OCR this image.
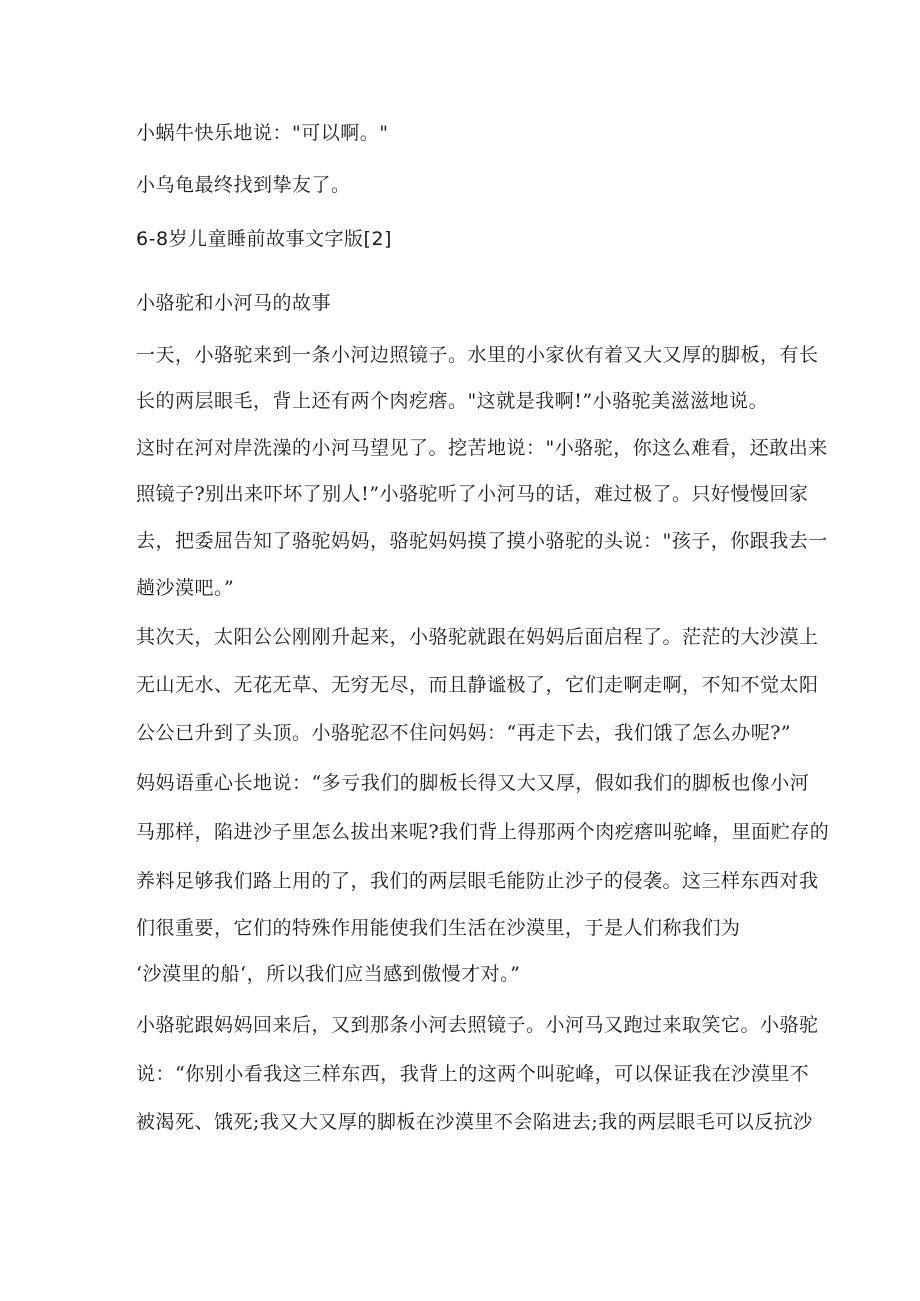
小蜗牛快乐地说："可以啊。"
小乌龟最终找到挚友了。
6-8岁儿童睡前故事文字版[2]
小骆驼和小河马的故事
一天，小骆驼来到一条小河边照镜子。水里的小家伙有着又大又厚的脚板，有长
长的两层眼毛，背上还有两个肉疙瘩。"这就是我啊!”小骆驼美滋滋地说。
这时在河对岸洗澡的小河马望见了。挖苦地说："小骆驼，你这么难看，还敢出来
照镜子?别出来吓坏了别人!”小骆驼听了小河马的话，难过极了。只好慢慢回家
去，把委屈告知了骆驼妈妈，骆驼妈妈摸了摸小骆驼的头说："孩子，你跟我去一
趟沙漠吧。”
其次天，太阳公公刚刚升起来，小骆驼就跟在妈妈后面启程了。茫茫的大沙漠上
无山无水、无花无草、无穷无尽，而且静谧极了，它们走啊走啊，不知不觉太阳
公公已升到了头顶。小骆驼忍不住问妈妈：“再走下去，我们饿了怎么办呢?”
妈妈语重心长地说：“多亏我们的脚板长得又大又厚，假如我们的脚板也像小河
马那样，陷进沙子里怎么拔出来呢?我们背上得那两个肉疙瘩叫驼峰，里面贮存的
养料足够我们路上用的了，我们的两层眼毛能防止沙子的侵袭。这三样东西对我
们很重要，它们的特殊作用能使我们生活在沙漠里，于是人们称我们为
‘沙漠里的船‘，所以我们应当感到傲慢才对。”
小骆驼跟妈妈回来后，又到那条小河去照镜子。小河马又跑过来取笑它。小骆驼
说：“你别小看我这三样东西，我背上的这两个叫驼峰，可以保证我在沙漠里不
被渴死、饿死;我又大又厚的脚板在沙漠里不会陷进去;我的两层眼毛可以反抗沙
